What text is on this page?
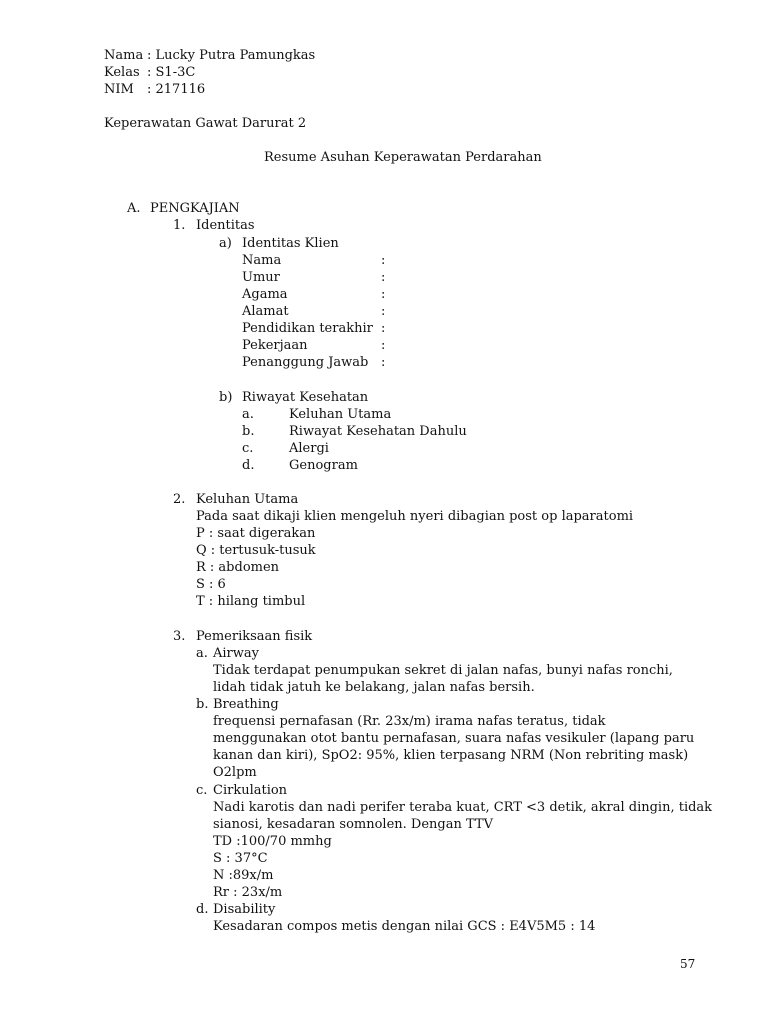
Nama : Lucky Putra Pamungkas
Kelas : S1-3C
NIM : 217116
Keperawatan Gawat Darurat 2
Resume Asuhan Keperawatan Perdarahan
A. PENGKAJIAN
1. Identitas
a) Identitas Klien
Nama	:
Umur	:
Agama	:
Alamat	:
Pendidikan terakhir :
Pekerjaan	:
Penanggung Jawab :
b) Riwayat Kesehatan
a.	Keluhan Utama
b.	Riwayat Kesehatan Dahulu
c.	Alergi
d.	Genogram
2. Keluhan Utama
Pada saat dikaji klien mengeluh nyeri dibagian post op laparatomi
P : saat digerakan
Q : tertusuk-tusuk
R : abdomen
S : 6
T : hilang timbul
3. Pemeriksaan fisik
a. Airway
Tidak terdapat penumpukan sekret di jalan nafas, bunyi nafas ronchi,
lidah tidak jatuh ke belakang, jalan nafas bersih.
b. Breathing
frequensi pernafasan (Rr. 23x/m) irama nafas teratus, tidak
menggunakan otot bantu pernafasan, suara nafas vesikuler (lapang paru
kanan dan kiri), SpO2: 95%, klien terpasang NRM (Non rebriting mask)
O2lpm
c. Cirkulation
Nadi karotis dan nadi perifer teraba kuat, CRT <3 detik, akral dingin, tidak
sianosi, kesadaran somnolen. Dengan TTV
TD :100/70 mmhg
S : 37°C
N :89x/m
Rr : 23x/m
d. Disability
Kesadaran compos metis dengan nilai GCS : E4V5M5 : 14
57
